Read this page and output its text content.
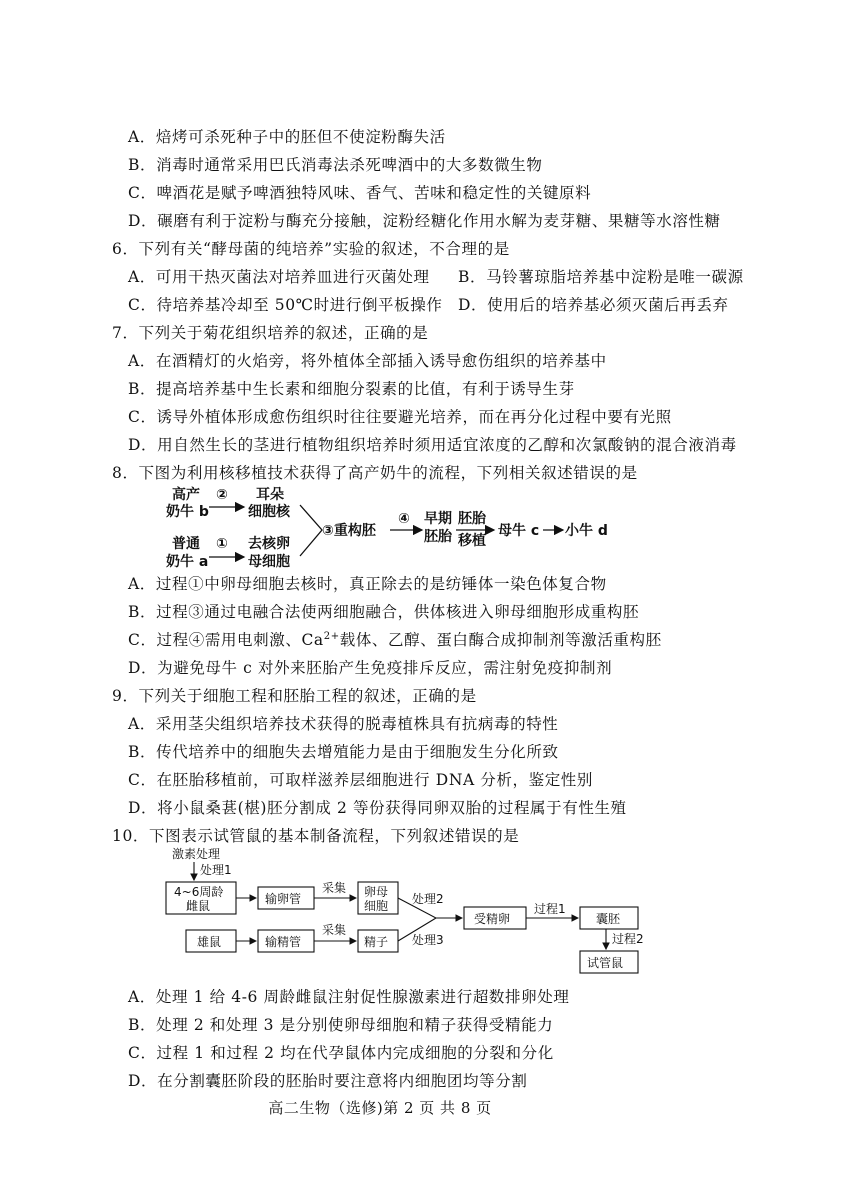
A．焙烤可杀死种子中的胚但不使淀粉酶失活
B．消毒时通常采用巴氏消毒法杀死啤酒中的大多数微生物
C．啤酒花是赋予啤酒独特风味、香气、苦味和稳定性的关键原料
D．碾磨有利于淀粉与酶充分接触，淀粉经糖化作用水解为麦芽糖、果糖等水溶性糖
6．下列有关“酵母菌的纯培养”实验的叙述，不合理的是
A．可用干热灭菌法对培养皿进行灭菌处理 B．马铃薯琼脂培养基中淀粉是唯一碳源
C．待培养基冷却至 50℃时进行倒平板操作 D．使用后的培养基必须灭菌后再丢弃
7．下列关于菊花组织培养的叙述，正确的是
A．在酒精灯的火焰旁，将外植体全部插入诱导愈伤组织的培养基中
B．提高培养基中生长素和细胞分裂素的比值，有利于诱导生芽
C．诱导外植体形成愈伤组织时往往要避光培养，而在再分化过程中要有光照
D．用自然生长的茎进行植物组织培养时须用适宜浓度的乙醇和次氯酸钠的混合液消毒
8．下图为利用核移植技术获得了高产奶牛的流程，下列相关叙述错误的是
高产
奶牛 b
② 耳朵
细胞核
普通
奶牛 a
① 去核卵
母细胞
③重构胚
④ 早期
胚胎
胚胎
移植
母牛 c 小牛 d
A．过程①中卵母细胞去核时，真正除去的是纺锤体一染色体复合物
B．过程③通过电融合法使两细胞融合，供体核进入卵母细胞形成重构胚
C．过程④需用电刺激、$Ca^{2+}$载体、乙醇、蛋白酶合成抑制剂等激活重构胚
D．为避免母牛 c 对外来胚胎产生免疫排斥反应，需注射免疫抑制剂
9．下列关于细胞工程和胚胎工程的叙述，正确的是
A．采用茎尖组织培养技术获得的脱毒植株具有抗病毒的特性
B．传代培养中的细胞失去增殖能力是由于细胞发生分化所致
C．在胚胎移植前，可取样滋养层细胞进行 DNA 分析，鉴定性别
D．将小鼠桑葚(椹)胚分割成 2 等份获得同卵双胎的过程属于有性生殖
10．下图表示试管鼠的基本制备流程，下列叙述错误的是
激素处理
处理1
4~6周龄
雌鼠	输卵管
采集 卵母
细胞 处理2
雄鼠	输精管
采集
精子 处理3
受精卵
过程1
囊胚
过程2
试管鼠
A．处理 1 给 4-6 周龄雌鼠注射促性腺激素进行超数排卵处理
B．处理 2 和处理 3 是分别使卵母细胞和精子获得受精能力
C．过程 1 和过程 2 均在代孕鼠体内完成细胞的分裂和分化
D．在分割囊胚阶段的胚胎时要注意将内细胞团均等分割
高二生物（选修)第 2 页 共 8 页
